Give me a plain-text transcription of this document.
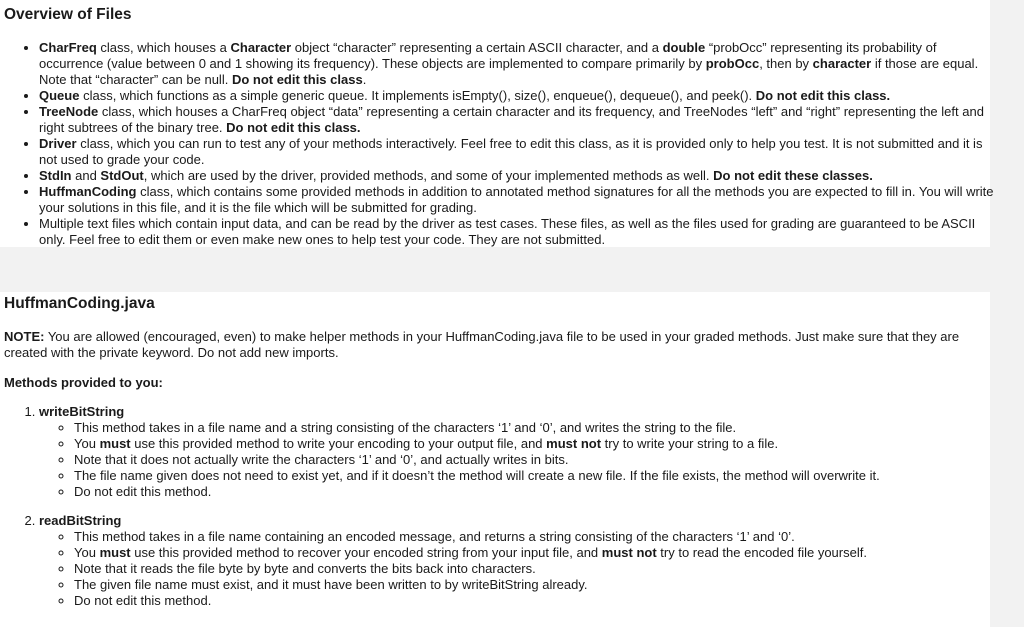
Overview of Files
• CharFreq class, which houses a Character object “character” representing a certain ASCII character, and a double “probOcc” representing its probability of occurrence (value between 0 and 1 showing its frequency). These objects are implemented to compare primarily by probOcc, then by character if those are equal. Note that “character” can be null. Do not edit this class.
• Queue class, which functions as a simple generic queue. It implements isEmpty(), size(), enqueue(), dequeue(), and peek(). Do not edit this class.
• TreeNode class, which houses a CharFreq object “data” representing a certain character and its frequency, and TreeNodes “left” and “right” representing the left and right subtrees of the binary tree. Do not edit this class.
• Driver class, which you can run to test any of your methods interactively. Feel free to edit this class, as it is provided only to help you test. It is not submitted and it is not used to grade your code.
• StdIn and StdOut, which are used by the driver, provided methods, and some of your implemented methods as well. Do not edit these classes.
• HuffmanCoding class, which contains some provided methods in addition to annotated method signatures for all the methods you are expected to fill in. You will write your solutions in this file, and it is the file which will be submitted for grading.
• Multiple text files which contain input data, and can be read by the driver as test cases. These files, as well as the files used for grading are guaranteed to be ASCII only. Feel free to edit them or even make new ones to help test your code. They are not submitted.
HuffmanCoding.java

NOTE: You are allowed (encouraged, even) to make helper methods in your HuffmanCoding.java file to be used in your graded methods. Just make sure that they are created with the private keyword. Do not add new imports.

Methods provided to you:

1. writeBitString
◦ This method takes in a file name and a string consisting of the characters ‘1’ and ‘0’, and writes the string to the file.
◦ You must use this provided method to write your encoding to your output file, and must not try to write your string to a file.
◦ Note that it does not actually write the characters ‘1’ and ‘0’, and actually writes in bits.
◦ The file name given does not need to exist yet, and if it doesn’t the method will create a new file. If the file exists, the method will overwrite it.
◦ Do not edit this method.
2. readBitString
◦ This method takes in a file name containing an encoded message, and returns a string consisting of the characters ‘1’ and ‘0’.
◦ You must use this provided method to recover your encoded string from your input file, and must not try to read the encoded file yourself.
◦ Note that it reads the file byte by byte and converts the bits back into characters.
◦ The given file name must exist, and it must have been written to by writeBitString already.
◦ Do not edit this method.
